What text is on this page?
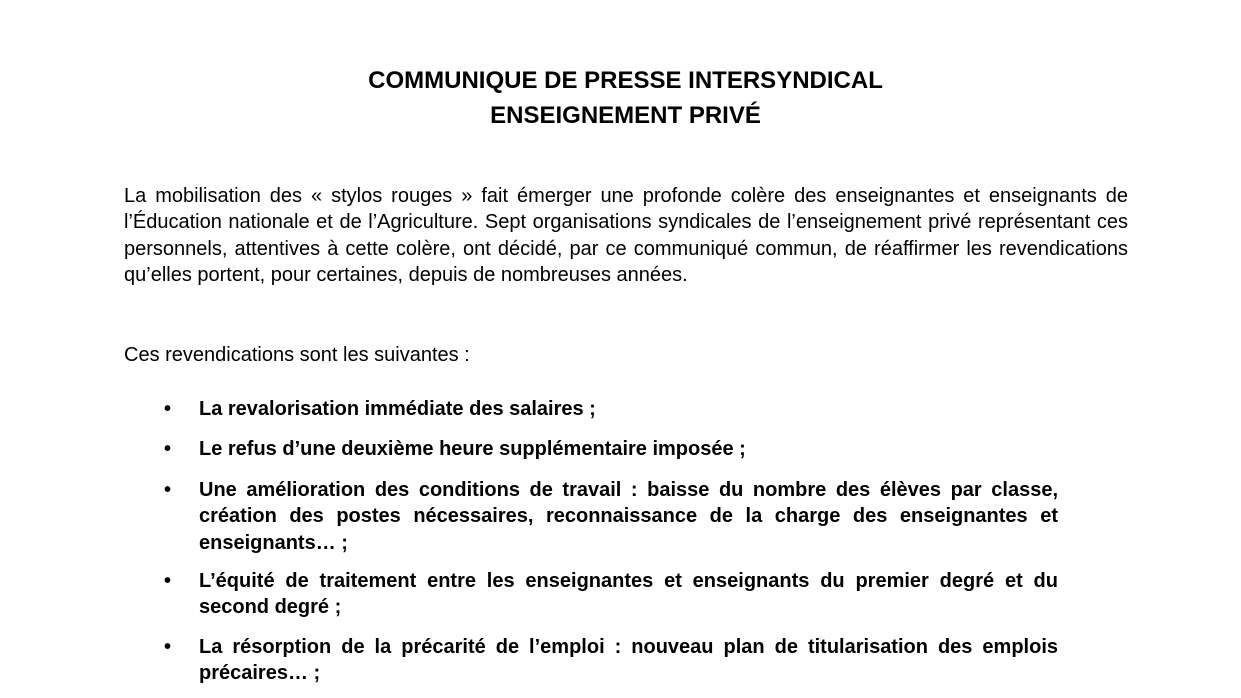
COMMUNIQUE DE PRESSE INTERSYNDICAL
ENSEIGNEMENT PRIVÉ

La mobilisation des « stylos rouges » fait émerger une profonde colère des enseignantes et enseignants de l’Éducation nationale et de l’Agriculture. Sept organisations syndicales de l’enseignement privé représentant ces personnels, attentives à cette colère, ont décidé, par ce communiqué commun, de réaffirmer les revendications qu’elles portent, pour certaines, depuis de nombreuses années.

Ces revendications sont les suivantes :

•	La revalorisation immédiate des salaires ;
•	Le refus d’une deuxième heure supplémentaire imposée ;
•	Une amélioration des conditions de travail : baisse du nombre des élèves par classe, création des postes nécessaires, reconnaissance de la charge des enseignantes et enseignants… ;
•	L’équité de traitement entre les enseignantes et enseignants du premier degré et du second degré ;
•	La résorption de la précarité de l’emploi : nouveau plan de titularisation des emplois précaires… ;
